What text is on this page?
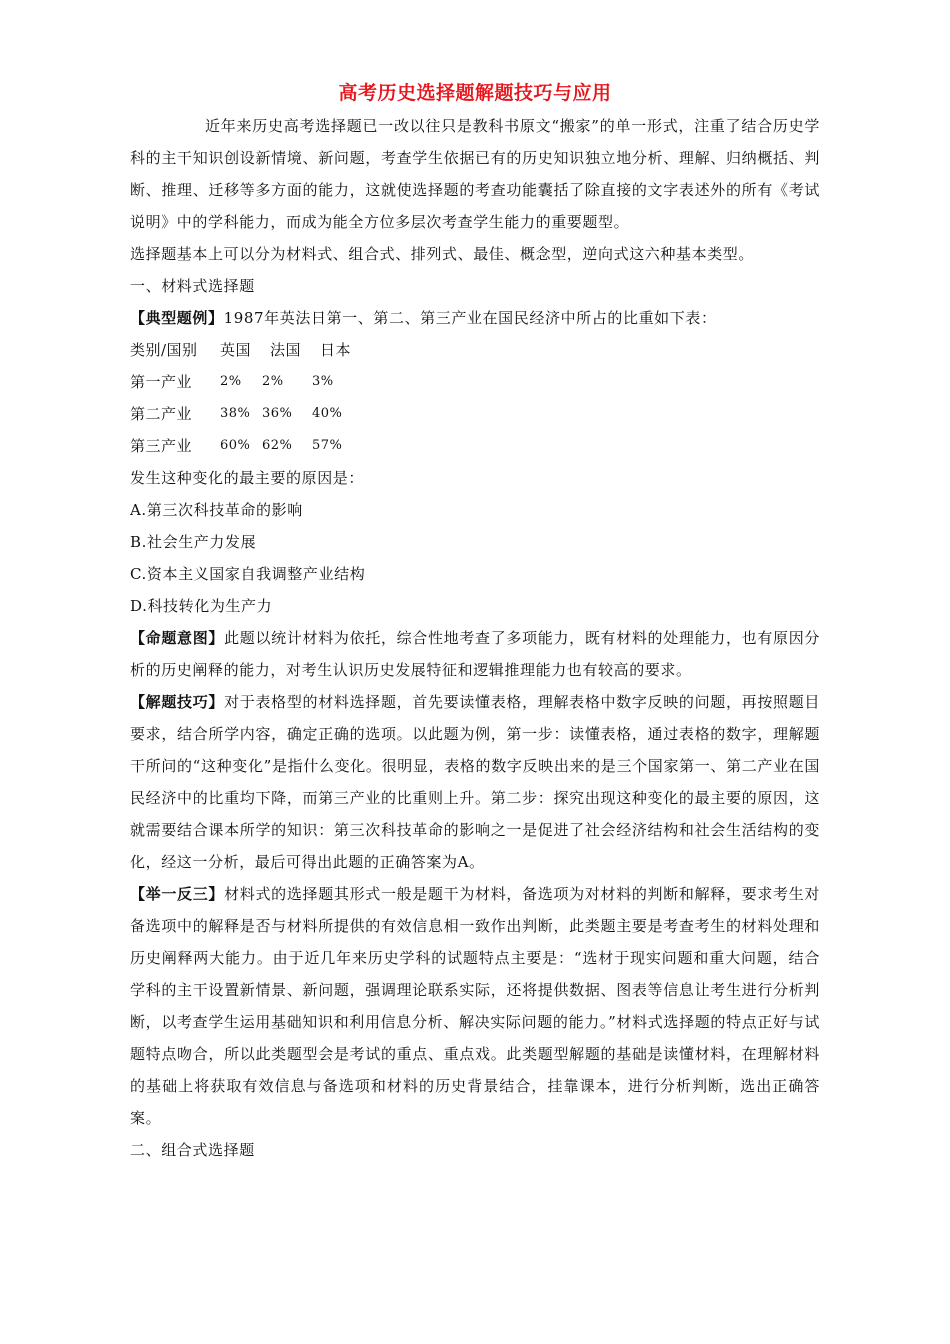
高考历史选择题解题技巧与应用

近年来历史高考选择题已一改以往只是教科书原文“搬家”的单一形式，注重了结合历史学科的主干知识创设新情境、新问题，考查学生依据已有的历史知识独立地分析、理解、归纳概括、判断、推理、迁移等多方面的能力，这就使选择题的考查功能囊括了除直接的文字表述外的所有《考试说明》中的学科能力，而成为能全方位多层次考查学生能力的重要题型。

选择题基本上可以分为材料式、组合式、排列式、最佳、概念型，逆向式这六种基本类型。

一、材料式选择题

【典型题例】1987年英法日第一、第二、第三产业在国民经济中所占的比重如下表：

类别/国别 英国 法国 日本
第一产业 2% 2% 3%
第二产业 38% 36% 40%
第三产业 60% 62% 57%

发生这种变化的最主要的原因是：

A.第三次科技革命的影响

B.社会生产力发展

C.资本主义国家自我调整产业结构

D.科技转化为生产力

【命题意图】此题以统计材料为依托，综合性地考查了多项能力，既有材料的处理能力，也有原因分析的历史阐释的能力，对考生认识历史发展特征和逻辑推理能力也有较高的要求。

【解题技巧】对于表格型的材料选择题，首先要读懂表格，理解表格中数字反映的问题，再按照题目要求，结合所学内容，确定正确的选项。以此题为例，第一步：读懂表格，通过表格的数字，理解题干所问的“这种变化”是指什么变化。很明显，表格的数字反映出来的是三个国家第一、第二产业在国民经济中的比重均下降，而第三产业的比重则上升。第二步：探究出现这种变化的最主要的原因，这就需要结合课本所学的知识：第三次科技革命的影响之一是促进了社会经济结构和社会生活结构的变化，经这一分析，最后可得出此题的正确答案为A。

【举一反三】材料式的选择题其形式一般是题干为材料，备选项为对材料的判断和解释，要求考生对备选项中的解释是否与材料所提供的有效信息相一致作出判断，此类题主要是考查考生的材料处理和历史阐释两大能力。由于近几年来历史学科的试题特点主要是：“选材于现实问题和重大问题，结合学科的主干设置新情景、新问题，强调理论联系实际，还将提供数据、图表等信息让考生进行分析判断，以考查学生运用基础知识和利用信息分析、解决实际问题的能力。”材料式选择题的特点正好与试题特点吻合，所以此类题型会是考试的重点、重点戏。此类题型解题的基础是读懂材料，在理解材料的基础上将获取有效信息与备选项和材料的历史背景结合，挂靠课本，进行分析判断，选出正确答案。

二、组合式选择题
